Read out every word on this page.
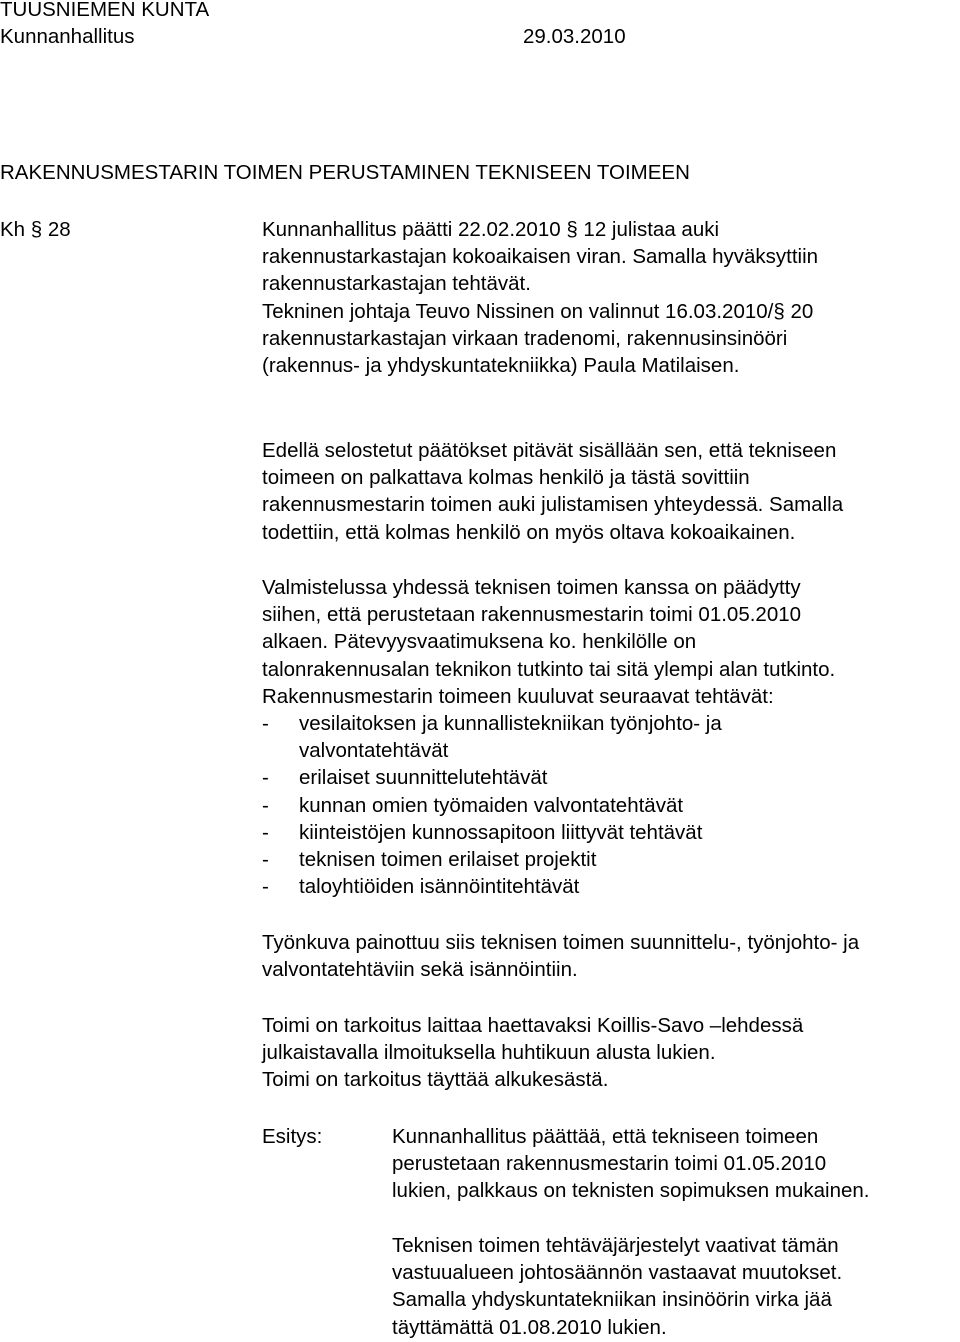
TUUSNIEMEN KUNTA
Kunnanhallitus	29.03.2010
RAKENNUSMESTARIN TOIMEN PERUSTAMINEN TEKNISEEN TOIMEEN
Kh § 28	Kunnanhallitus päätti 22.02.2010 § 12 julistaa auki
rakennustarkastajan kokoaikaisen viran. Samalla hyväksyttiin
rakennustarkastajan tehtävät.
Tekninen johtaja Teuvo Nissinen on valinnut 16.03.2010/§ 20
rakennustarkastajan virkaan tradenomi, rakennusinsinööri
(rakennus- ja yhdyskuntatekniikka) Paula Matilaisen.
Edellä selostetut päätökset pitävät sisällään sen, että tekniseen
toimeen on palkattava kolmas henkilö ja tästä sovittiin
rakennusmestarin toimen auki julistamisen yhteydessä. Samalla
todettiin, että kolmas henkilö on myös oltava kokoaikainen.
Valmistelussa yhdessä teknisen toimen kanssa on päädytty
siihen, että perustetaan rakennusmestarin toimi 01.05.2010
alkaen. Pätevyysvaatimuksena ko. henkilölle on
talonrakennusalan teknikon tutkinto tai sitä ylempi alan tutkinto.
Rakennusmestarin toimeen kuuluvat seuraavat tehtävät:
- vesilaitoksen ja kunnallistekniikan työnjohto- ja
valvontatehtävät
- erilaiset suunnittelutehtävät
- kunnan omien työmaiden valvontatehtävät
- kiinteistöjen kunnossapitoon liittyvät tehtävät
- teknisen toimen erilaiset projektit
- taloyhtiöiden isännöintitehtävät
Työnkuva painottuu siis teknisen toimen suunnittelu-, työnjohto- ja
valvontatehtäviin sekä isännöintiin.
Toimi on tarkoitus laittaa haettavaksi Koillis-Savo –lehdessä
julkaistavalla ilmoituksella huhtikuun alusta lukien.
Toimi on tarkoitus täyttää alkukesästä.
Esitys:	Kunnanhallitus päättää, että tekniseen toimeen
perustetaan rakennusmestarin toimi 01.05.2010
lukien, palkkaus on teknisten sopimuksen mukainen.
Teknisen toimen tehtäväjärjestelyt vaativat tämän
vastuualueen johtosäännön vastaavat muutokset.
Samalla yhdyskuntatekniikan insinöörin virka jää
täyttämättä 01.08.2010 lukien.
